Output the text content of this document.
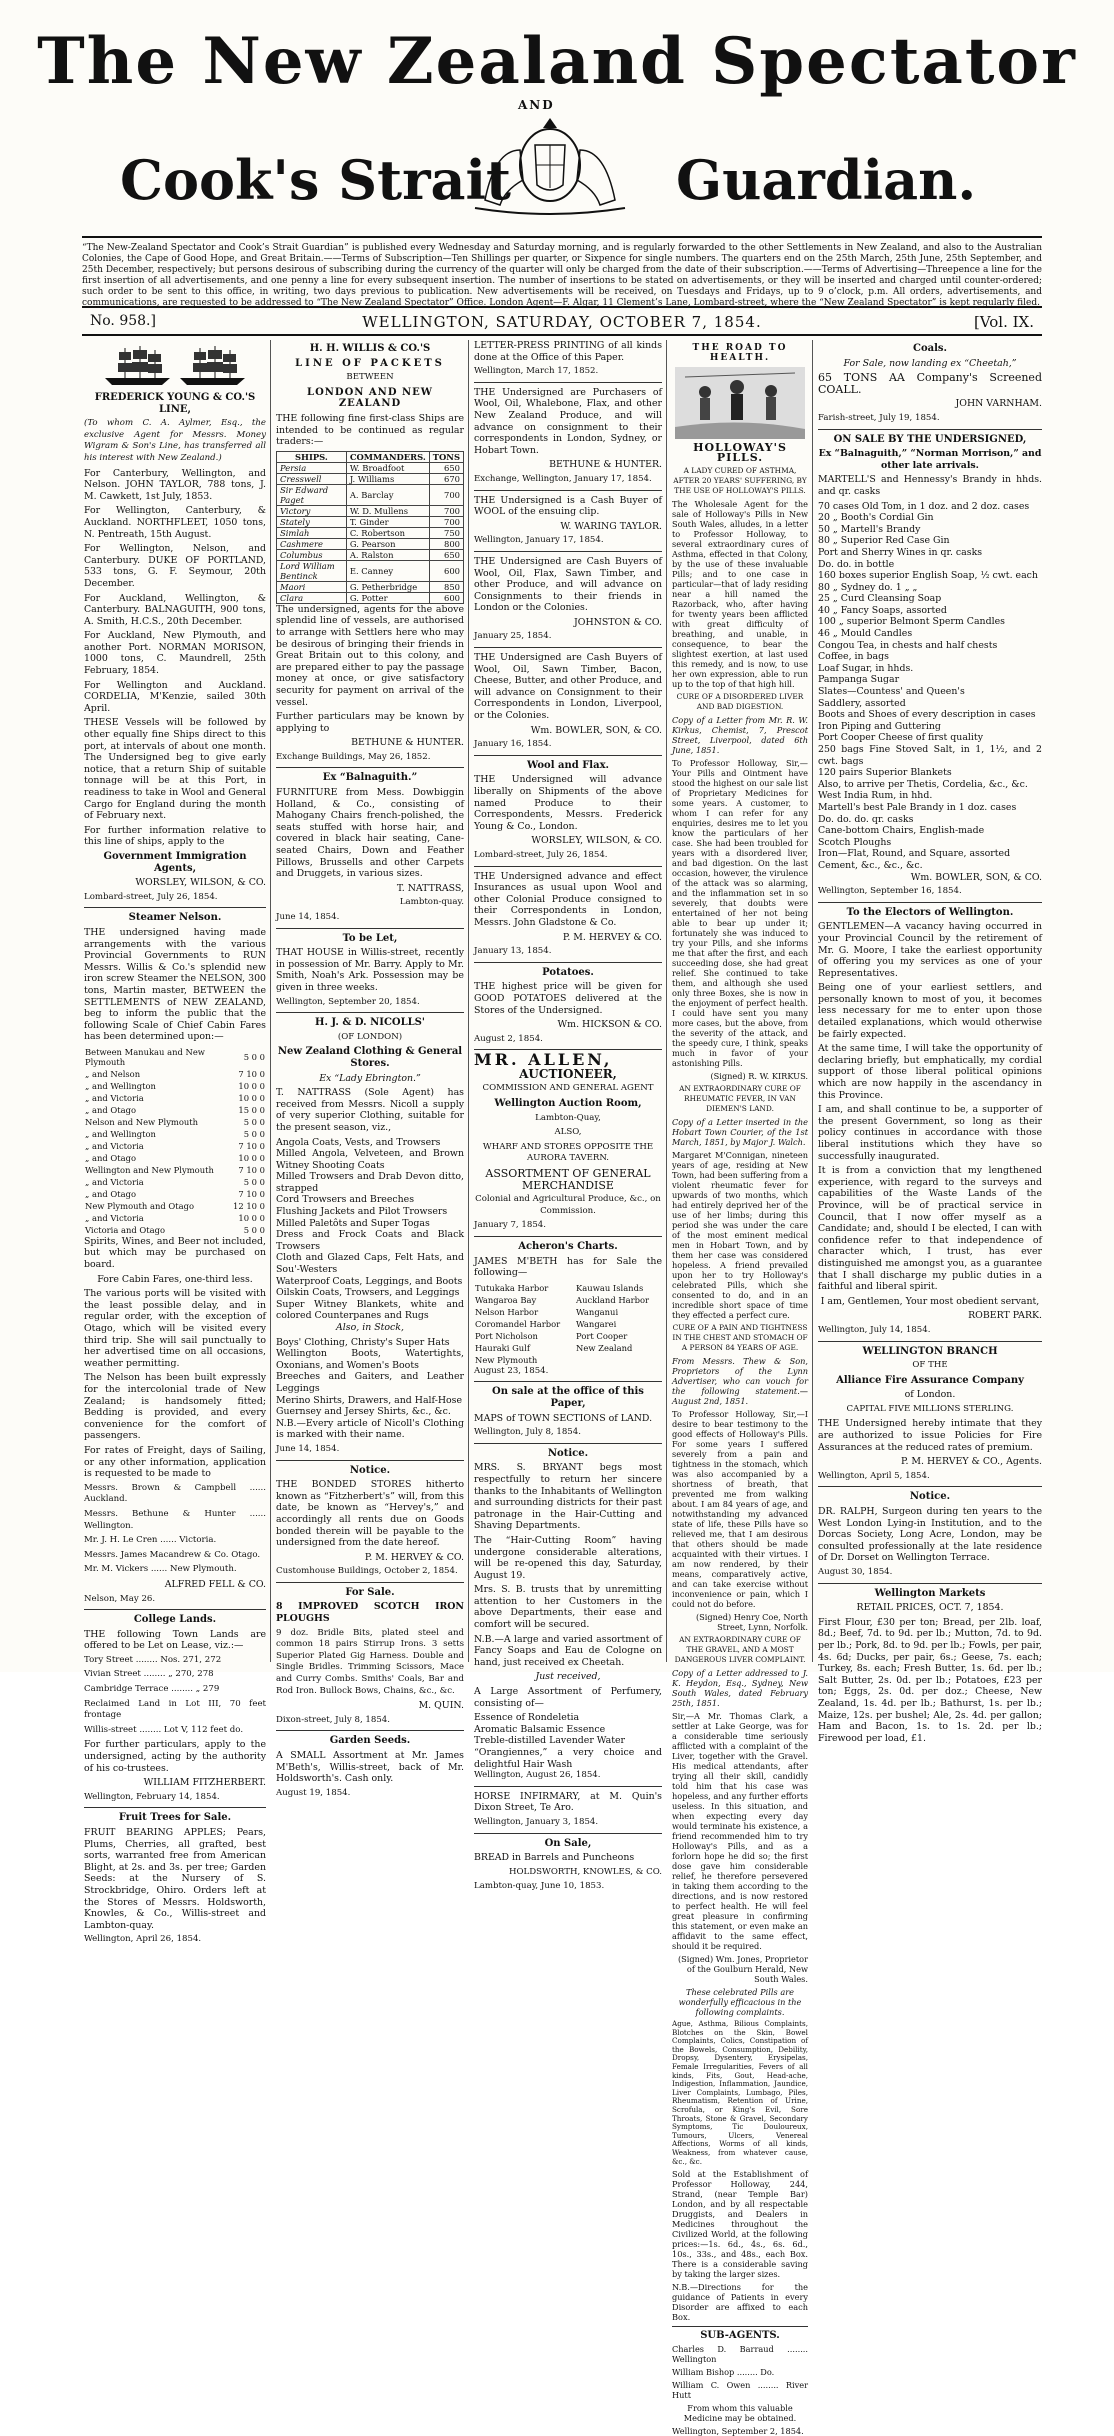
The New Zealand Spectator
AND
Cook's Strait	Guardian.
“The New-Zealand Spectator and Cook’s Strait Guardian” is published every Wednesday and Saturday morning, and is regularly forwarded to the other Settlements in New Zealand, and also to the Australian Colonies, the Cape of Good Hope, and Great Britain.——Terms of Subscription—Ten Shillings per quarter, or Sixpence for single numbers. The quarters end on the 25th March, 25th June, 25th September, and 25th December, respectively; but persons desirous of subscribing during the currency of the quarter will only be charged from the date of their subscription.——Terms of Advertising—Threepence a line for the first insertion of all advertisements, and one penny a line for every subsequent insertion. The number of insertions to be stated on advertisements, or they will be inserted and charged until counter-ordered; such order to be sent to this office, in writing, two days previous to publication. New advertisements will be received, on Tuesdays and Fridays, up to 9 o’clock, p.m. All orders, advertisements, and communications, are requested to be addressed to “The New Zealand Spectator” Office. London Agent—F. Algar, 11 Clement’s Lane, Lombard-street, where the “New Zealand Spectator” is kept regularly filed.
No. 958.]	WELLINGTON, SATURDAY, OCTOBER 7, 1854.	[Vol. IX.

FREDERICK YOUNG & CO.'S LINE,

(To whom C. A. Aylmer, Esq., the exclusive Agent for Messrs. Money Wigram & Son's Line, has transferred all his interest with New Zealand.)

For Canterbury, Wellington, and Nelson. JOHN TAYLOR, 788 tons, J. M. Cawkett, 1st July, 1853.

For Wellington, Canterbury, & Auckland. NORTHFLEET, 1050 tons, N. Pentreath, 15th August.

For Wellington, Nelson, and Canterbury. DUKE OF PORTLAND, 533 tons, G. F. Seymour, 20th December.

For Auckland, Wellington, & Canterbury. BALNAGUITH, 900 tons, A. Smith, H.C.S., 20th December.

For Auckland, New Plymouth, and another Port. NORMAN MORISON, 1000 tons, C. Maundrell, 25th February, 1854.

For Wellington and Auckland. CORDELIA, M'Kenzie, sailed 30th April.

THESE Vessels will be followed by other equally fine Ships direct to this port, at intervals of about one month. The Undersigned beg to give early notice, that a return Ship of suitable tonnage will be at this Port, in readiness to take in Wool and General Cargo for England during the month of February next.

For further information relative to this line of ships, apply to the

Government Immigration Agents,

WORSLEY, WILSON, & CO.

Lombard-street, July 26, 1854.

Steamer Nelson.

THE undersigned having made arrangements with the various Provincial Governments to RUN Messrs. Willis & Co.'s splendid new iron screw Steamer the NELSON, 300 tons, Martin master, BETWEEN the SETTLEMENTS of NEW ZEALAND, beg to inform the public that the following Scale of Chief Cabin Fares has been determined upon:—

Between Manukau and New Plymouth	5 0 0
„ and Nelson	7 10 0
„ and Wellington	10 0 0
„ and Victoria	10 0 0
„ and Otago	15 0 0
Nelson and New Plymouth	5 0 0
„ and Wellington	5 0 0
„ and Victoria	7 10 0
„ and Otago	10 0 0
Wellington and New Plymouth	7 10 0
„ and Victoria	5 0 0
„ and Otago	7 10 0
New Plymouth and Otago	12 10 0
„ and Victoria	10 0 0
Victoria and Otago	5 0 0

Spirits, Wines, and Beer not included, but which may be purchased on board.

Fore Cabin Fares, one-third less.

The various ports will be visited with the least possible delay, and in regular order, with the exception of Otago, which will be visited every third trip. She will sail punctually to her advertised time on all occasions, weather permitting.

The Nelson has been built expressly for the intercolonial trade of New Zealand; is handsomely fitted; Bedding is provided, and every convenience for the comfort of passengers.

For rates of Freight, days of Sailing, or any other information, application is requested to be made to

Messrs. Brown & Campbell ...... Auckland.

Messrs. Bethune & Hunter ...... Wellington.

Mr. J. H. Le Cren ...... Victoria.

Messrs. James Macandrew & Co. Otago.

Mr. M. Vickers ...... New Plymouth.

ALFRED FELL & CO.

Nelson, May 26.

College Lands.

THE following Town Lands are offered to be Let on Lease, viz.:—

Tory Street ........ Nos. 271, 272

Vivian Street ........ „ 270, 278

Cambridge Terrace ........ „ 279

Reclaimed Land in Lot III, 70 feet frontage

Willis-street ........ Lot V, 112 feet do.

For further particulars, apply to the undersigned, acting by the authority of his co-trustees.

WILLIAM FITZHERBERT.

Wellington, February 14, 1854.

Fruit Trees for Sale.

FRUIT BEARING APPLES; Pears, Plums, Cherries, all grafted, best sorts, warranted free from American Blight, at 2s. and 3s. per tree; Garden Seeds: at the Nursery of S. Strockbridge, Ohiro. Orders left at the Stores of Messrs. Holdsworth, Knowles, & Co., Willis-street and Lambton-quay.

Wellington, April 26, 1854.

H. H. WILLIS & CO.'S

LINE OF PACKETS

BETWEEN

LONDON AND NEW ZEALAND

THE following fine first-class Ships are intended to be continued as regular traders:—

SHIPS.	COMMANDERS.	TONS
Persia	W. Broadfoot	650
Cresswell	J. Williams	670
Sir Edward Paget	A. Barclay	700
Victory	W. D. Mullens	700
Stately	T. Ginder	700
Simlah	C. Robertson	750
Cashmere	G. Pearson	800
Columbus	A. Ralston	650
Lord William Bentinck	E. Canney	600
Maori	G. Petherbridge	850
Clara	G. Potter	600

The undersigned, agents for the above splendid line of vessels, are authorised to arrange with Settlers here who may be desirous of bringing their friends in Great Britain out to this colony, and are prepared either to pay the passage money at once, or give satisfactory security for payment on arrival of the vessel.

Further particulars may be known by applying to

BETHUNE & HUNTER.

Exchange Buildings, May 26, 1852.

Ex “Balnaguith.”

FURNITURE from Mess. Dowbiggin Holland, & Co., consisting of Mahogany Chairs french-polished, the seats stuffed with horse hair, and covered in black hair seating, Cane-seated Chairs, Down and Feather Pillows, Brussells and other Carpets and Druggets, in various sizes.

T. NATTRASS,

Lambton-quay.

June 14, 1854.

To be Let,

THAT HOUSE in Willis-street, recently in possession of Mr. Barry. Apply to Mr. Smith, Noah's Ark. Possession may be given in three weeks.

Wellington, September 20, 1854.

H. J. & D. NICOLLS'

(OF LONDON)

New Zealand Clothing & General Stores.

Ex “Lady Ebrington.”

T. NATTRASS (Sole Agent) has received from Messrs. Nicoll a supply of very superior Clothing, suitable for the present season, viz.,

Angola Coats, Vests, and Trowsers

Milled Angola, Velveteen, and Brown Witney Shooting Coats

Milled Trowsers and Drab Devon ditto, strapped

Cord Trowsers and Breeches

Flushing Jackets and Pilot Trowsers

Milled Paletôts and Super Togas

Dress and Frock Coats and Black Trowsers

Cloth and Glazed Caps, Felt Hats, and Sou'-Westers

Waterproof Coats, Leggings, and Boots

Oilskin Coats, Trowsers, and Leggings

Super Witney Blankets, white and colored Counterpanes and Rugs

Also, in Stock,

Boys' Clothing, Christy's Super Hats

Wellington Boots, Watertights, Oxonians, and Women's Boots

Breeches and Gaiters, and Leather Leggings

Merino Shirts, Drawers, and Half-Hose

Guernsey and Jersey Shirts, &c., &c.

N.B.—Every article of Nicoll's Clothing is marked with their name.

June 14, 1854.

Notice.

THE BONDED STORES hitherto known as “Fitzherbert's” will, from this date, be known as “Hervey's,” and accordingly all rents due on Goods bonded therein will be payable to the undersigned from the date hereof.

P. M. HERVEY & CO.

Customhouse Buildings, October 2, 1854.

For Sale.

8 IMPROVED SCOTCH IRON PLOUGHS

9 doz. Bridle Bits, plated steel and common 18 pairs Stirrup Irons. 3 setts Superior Plated Gig Harness. Double and Single Bridles. Trimming Scissors, Mace and Curry Combs. Smiths' Coals, Bar and Rod Iron. Bullock Bows, Chains, &c., &c.

M. QUIN.

Dixon-street, July 8, 1854.

Garden Seeds.

A SMALL Assortment at Mr. James M'Beth's, Willis-street, back of Mr. Holdsworth's. Cash only.

August 19, 1854.

LETTER-PRESS PRINTING of all kinds done at the Office of this Paper.

Wellington, March 17, 1852.

THE Undersigned are Purchasers of Wool, Oil, Whalebone, Flax, and other New Zealand Produce, and will advance on consignment to their correspondents in London, Sydney, or Hobart Town.

BETHUNE & HUNTER.

Exchange, Wellington, January 17, 1854.

THE Undersigned is a Cash Buyer of WOOL of the ensuing clip.

W. WARING TAYLOR.

Wellington, January 17, 1854.

THE Undersigned are Cash Buyers of Wool, Oil, Flax, Sawn Timber, and other Produce, and will advance on Consignments to their friends in London or the Colonies.

JOHNSTON & CO.

January 25, 1854.

THE Undersigned are Cash Buyers of Wool, Oil, Sawn Timber, Bacon, Cheese, Butter, and other Produce, and will advance on Consignment to their Correspondents in London, Liverpool, or the Colonies.

Wm. BOWLER, SON, & CO.

January 16, 1854.

Wool and Flax.

THE Undersigned will advance liberally on Shipments of the above named Produce to their Correspondents, Messrs. Frederick Young & Co., London.

WORSLEY, WILSON, & CO.

Lombard-street, July 26, 1854.

THE Undersigned advance and effect Insurances as usual upon Wool and other Colonial Produce consigned to their Correspondents in London, Messrs. John Gladstone & Co.

P. M. HERVEY & CO.

January 13, 1854.

Potatoes.

THE highest price will be given for GOOD POTATOES delivered at the Stores of the Undersigned.

Wm. HICKSON & CO.

August 2, 1854.

MR. ALLEN,

AUCTIONEER,

COMMISSION AND GENERAL AGENT

Wellington Auction Room,

Lambton-Quay,

ALSO,

WHARF AND STORES OPPOSITE THE AURORA TAVERN.

ASSORTMENT OF GENERAL MERCHANDISE

Colonial and Agricultural Produce, &c., on Commission.

January 7, 1854.

Acheron's Charts.

JAMES M'BETH has for Sale the following—

Tutukaka Harbor	Kauwau Islands
Wangaroa Bay	Auckland Harbor
Nelson Harbor	Wanganui
Coromandel Harbor	Wangarei
Port Nicholson	Port Cooper
Hauraki Gulf	New Zealand
New Plymouth	

August 23, 1854.

On sale at the office of this Paper,

MAPS of TOWN SECTIONS of LAND.

Wellington, July 8, 1854.

Notice.

MRS. S. BRYANT begs most respectfully to return her sincere thanks to the Inhabitants of Wellington and surrounding districts for their past patronage in the Hair-Cutting and Shaving Departments.

The “Hair-Cutting Room” having undergone considerable alterations, will be re-opened this day, Saturday, August 19.

Mrs. S. B. trusts that by unremitting attention to her Customers in the above Departments, their ease and comfort will be secured.

N.B.—A large and varied assortment of Fancy Soaps and Eau de Cologne on hand, just received ex Cheetah.

Just received,

A Large Assortment of Perfumery, consisting of—

Essence of Rondeletia

Aromatic Balsamic Essence

Treble-distilled Lavender Water

“Orangiennes,” a very choice and delightful Hair Wash

Wellington, August 26, 1854.

HORSE INFIRMARY, at M. Quin's Dixon Street, Te Aro.

Wellington, January 3, 1854.

On Sale,

BREAD in Barrels and Puncheons

HOLDSWORTH, KNOWLES, & CO.

Lambton-quay, June 10, 1853.

THE ROAD TO HEALTH.

HOLLOWAY'S PILLS.

A LADY CURED OF ASTHMA, AFTER 20 YEARS' SUFFERING, BY THE USE OF HOLLOWAY'S PILLS.

The Wholesale Agent for the sale of Holloway's Pills in New South Wales, alludes, in a letter to Professor Holloway, to several extraordinary cures of Asthma, effected in that Colony, by the use of these invaluable Pills; and to one case in particular—that of lady residing near a hill named the Razorback, who, after having for twenty years been afflicted with great difficulty of breathing, and unable, in consequence, to bear the slightest exertion, at last used this remedy, and is now, to use her own expression, able to run up to the top of that high hill.

CURE OF A DISORDERED LIVER AND BAD DIGESTION.

Copy of a Letter from Mr. R. W. Kirkus, Chemist, 7, Prescot Street, Liverpool, dated 6th June, 1851.

To Professor Holloway, Sir,—Your Pills and Ointment have stood the highest on our sale list of Proprietary Medicines for some years. A customer, to whom I can refer for any enquiries, desires me to let you know the particulars of her case. She had been troubled for years with a disordered liver, and bad digestion. On the last occasion, however, the virulence of the attack was so alarming, and the inflammation set in so severely, that doubts were entertained of her not being able to bear up under it; fortunately she was induced to try your Pills, and she informs me that after the first, and each succeeding dose, she had great relief. She continued to take them, and although she used only three Boxes, she is now in the enjoyment of perfect health. I could have sent you many more cases, but the above, from the severity of the attack, and the speedy cure, I think, speaks much in favor of your astonishing Pills.

(Signed) R. W. KIRKUS.

AN EXTRAORDINARY CURE OF RHEUMATIC FEVER, IN VAN DIEMEN'S LAND.

Copy of a Letter inserted in the Hobart Town Courier, of the 1st March, 1851, by Major J. Walch.

Margaret M'Connigan, nineteen years of age, residing at New Town, had been suffering from a violent rheumatic fever for upwards of two months, which had entirely deprived her of the use of her limbs; during this period she was under the care of the most eminent medical men in Hobart Town, and by them her case was considered hopeless. A friend prevailed upon her to try Holloway's celebrated Pills, which she consented to do, and in an incredible short space of time they effected a perfect cure.

CURE OF A PAIN AND TIGHTNESS IN THE CHEST AND STOMACH OF A PERSON 84 YEARS OF AGE.

From Messrs. Thew & Son, Proprietors of the Lynn Advertiser, who can vouch for the following statement.—August 2nd, 1851.

To Professor Holloway, Sir,—I desire to bear testimony to the good effects of Holloway's Pills. For some years I suffered severely from a pain and tightness in the stomach, which was also accompanied by a shortness of breath, that prevented me from walking about. I am 84 years of age, and notwithstanding my advanced state of life, these Pills have so relieved me, that I am desirous that others should be made acquainted with their virtues. I am now rendered, by their means, comparatively active, and can take exercise without inconvenience or pain, which I could not do before.

(Signed) Henry Coe, North Street, Lynn, Norfolk.

AN EXTRAORDINARY CURE OF THE GRAVEL, AND A MOST DANGEROUS LIVER COMPLAINT.

Copy of a Letter addressed to J. K. Heydon, Esq., Sydney, New South Wales, dated February 25th, 1851.

Sir,—A Mr. Thomas Clark, a settler at Lake George, was for a considerable time seriously afflicted with a complaint of the Liver, together with the Gravel. His medical attendants, after trying all their skill, candidly told him that his case was hopeless, and any further efforts useless. In this situation, and when expecting every day would terminate his existence, a friend recommended him to try Holloway's Pills, and as a forlorn hope he did so; the first dose gave him considerable relief, he therefore persevered in taking them according to the directions, and is now restored to perfect health. He will feel great pleasure in confirming this statement, or even make an affidavit to the same effect, should it be required.

(Signed) Wm. Jones, Proprietor of the Goulburn Herald, New South Wales.

These celebrated Pills are wonderfully efficacious in the following complaints.

Ague, Asthma, Bilious Complaints, Blotches on the Skin, Bowel Complaints, Colics, Constipation of the Bowels, Consumption, Debility, Dropsy, Dysentery, Erysipelas, Female Irregularities, Fevers of all kinds, Fits, Gout, Head-ache, Indigestion, Inflammation, Jaundice, Liver Complaints, Lumbago, Piles, Rheumatism, Retention of Urine, Scrofula, or King's Evil, Sore Throats, Stone & Gravel, Secondary Symptoms, Tic Douloureux, Tumours, Ulcers, Venereal Affections, Worms of all kinds, Weakness, from whatever cause, &c., &c.

Sold at the Establishment of Professor Holloway, 244, Strand, (near Temple Bar) London, and by all respectable Druggists, and Dealers in Medicines throughout the Civilized World, at the following prices:—1s. 6d., 4s., 6s. 6d., 10s., 33s., and 48s., each Box. There is a considerable saving by taking the larger sizes.

N.B.—Directions for the guidance of Patients in every Disorder are affixed to each Box.

SUB-AGENTS.

Charles D. Barraud ........ Wellington

William Bishop ........ Do.

William C. Owen ........ River Hutt

From whom this valuable Medicine may be obtained.

Wellington, September 2, 1854.

Coals.

For Sale, now landing ex “Cheetah,”

65 TONS AA Company's Screened COALL.

JOHN VARNHAM.

Farish-street, July 19, 1854.

ON SALE BY THE UNDERSIGNED,

Ex “Balnaguith,” “Norman Morrison,” and other late arrivals.

MARTELL'S and Hennessy's Brandy in hhds. and qr. casks

70 cases Old Tom, in 1 doz. and 2 doz. cases

20 „ Booth's Cordial Gin

50 „ Martell's Brandy

80 „ Superior Red Case Gin

Port and Sherry Wines in qr. casks

Do. do. in bottle

160 boxes superior English Soap, ½ cwt. each

80 „ Sydney do. 1 „ „

25 „ Curd Cleansing Soap

40 „ Fancy Soaps, assorted

100 „ superior Belmont Sperm Candles

46 „ Mould Candles

Congou Tea, in chests and half chests

Coffee, in bags

Loaf Sugar, in hhds.

Pampanga Sugar

Slates—Countess' and Queen's

Saddlery, assorted

Boots and Shoes of every description in cases

Iron Piping and Guttering

Port Cooper Cheese of first quality

250 bags Fine Stoved Salt, in 1, 1½, and 2 cwt. bags

120 pairs Superior Blankets

Also, to arrive per Thetis, Cordelia, &c., &c.

West India Rum, in hhd.

Martell's best Pale Brandy in 1 doz. cases

Do. do. do. qr. casks

Cane-bottom Chairs, English-made

Scotch Ploughs

Iron—Flat, Round, and Square, assorted

Cement, &c., &c., &c.

Wm. BOWLER, SON, & CO.

Wellington, September 16, 1854.

To the Electors of Wellington.

GENTLEMEN—A vacancy having occurred in your Provincial Council by the retirement of Mr. G. Moore, I take the earliest opportunity of offering you my services as one of your Representatives.

Being one of your earliest settlers, and personally known to most of you, it becomes less necessary for me to enter upon those detailed explanations, which would otherwise be fairly expected.

At the same time, I will take the opportunity of declaring briefly, but emphatically, my cordial support of those liberal political opinions which are now happily in the ascendancy in this Province.

I am, and shall continue to be, a supporter of the present Government, so long as their policy continues in accordance with those liberal institutions which they have so successfully inaugurated.

It is from a conviction that my lengthened experience, with regard to the surveys and capabilities of the Waste Lands of the Province, will be of practical service in Council, that I now offer myself as a Candidate; and, should I be elected, I can with confidence refer to that independence of character which, I trust, has ever distinguished me amongst you, as a guarantee that I shall discharge my public duties in a faithful and liberal spirit.

I am, Gentlemen, Your most obedient servant,

ROBERT PARK.

Wellington, July 14, 1854.

WELLINGTON BRANCH

OF THE

Alliance Fire Assurance Company

of London.

CAPITAL FIVE MILLIONS STERLING.

THE Undersigned hereby intimate that they are authorized to issue Policies for Fire Assurances at the reduced rates of premium.

P. M. HERVEY & CO., Agents.

Wellington, April 5, 1854.

Notice.

DR. RALPH, Surgeon during ten years to the West London Lying-in Institution, and to the Dorcas Society, Long Acre, London, may be consulted professionally at the late residence of Dr. Dorset on Wellington Terrace.

August 30, 1854.

Wellington Markets

RETAIL PRICES, OCT. 7, 1854.

First Flour, £30 per ton; Bread, per 2lb. loaf, 8d.; Beef, 7d. to 9d. per lb.; Mutton, 7d. to 9d. per lb.; Pork, 8d. to 9d. per lb.; Fowls, per pair, 4s. 6d; Ducks, per pair, 6s.; Geese, 7s. each; Turkey, 8s. each; Fresh Butter, 1s. 6d. per lb.; Salt Butter, 2s. 0d. per lb.; Potatoes, £23 per ton; Eggs, 2s. 0d. per doz.; Cheese, New Zealand, 1s. 4d. per lb.; Bathurst, 1s. per lb.; Maize, 12s. per bushel; Ale, 2s. 4d. per gallon; Ham and Bacon, 1s. to 1s. 2d. per lb.; Firewood per load, £1.
